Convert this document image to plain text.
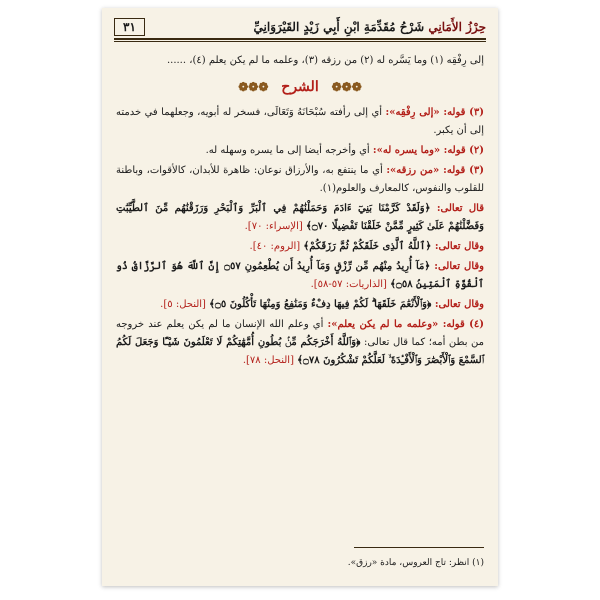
حِرْزُ الأَمَانِي شَرْحُ مُقَدِّمَةِ ابْنِ أَبِي زَيْدٍ القَيْرَوَانِيِّ
٣١

إلى رِفْقِه (١) وما يَسَّره له (٢) من رزقه (٣)، وعلمه ما لم يكن يعلم (٤)، ......

❁❁❁ الشرح ❁❁❁

(٣) قوله: «إلى رِفْقِه»: أي إلى رأفته سُبْحَانَهُ وَتَعَالَى، فسخر له أبويه، وجعلهما في خدمته إلى أن يكبر.

(٢) قوله: «وما يسره له»: أي وأخرجه أيضا إلى ما يسره وسهله له.

(٣) قوله: «من رزقه»: أي ما ينتفع به، والأرزاق نوعان: ظاهرة للأبدان، كالأقوات، وباطنة للقلوب والنفوس، كالمعارف والعلوم(١).

قال تعالى: ﴿وَلَقَدْ كَرَّمْنَا بَنِيٓ ءَادَمَ وَحَمَلْنَٰهُمْ فِي ٱلْبَرِّ وَٱلْبَحْرِ وَرَزَقْنَٰهُم مِّنَ ٱلطَّيِّبَٰتِ وَفَضَّلْنَٰهُمْ عَلَىٰ كَثِيرٍ مِّمَّنْ خَلَقْنَا تَفْضِيلًا ۝٧٠﴾ [الإسراء: ٧٠].

وقال تعالى: ﴿ٱللَّهُ ٱلَّذِى خَلَقَكُمْ ثُمَّ رَزَقَكُمْ﴾ [الروم: ٤٠].

وقال تعالى: ﴿مَآ أُرِيدُ مِنْهُم مِّن رِّزْقٍ وَمَآ أُرِيدُ أَن يُطْعِمُونِ ۝٥٧ إِنَّ ٱللَّهَ هُوَ ٱلرَّزَّاقُ ذُو ٱلْقُوَّةِ ٱلْمَتِينُ ۝٥٨﴾ [الذاريات: ٥٧-٥٨].

وقال تعالى: ﴿وَٱلْأَنْعَٰمَ خَلَقَهَا ۗ لَكُمْ فِيهَا دِفْءٌ وَمَنَٰفِعُ وَمِنْهَا تَأْكُلُونَ ۝٥﴾ [النحل: ٥].

(٤) قوله: «وعلمه ما لم يكن يعلم»: أي وعلم الله الإنسان ما لم يكن يعلم عند خروجه من بطن أمه؛ كما قال تعالى: ﴿وَٱللَّهُ أَخْرَجَكُم مِّنۢ بُطُونِ أُمَّهَٰتِكُمْ لَا تَعْلَمُونَ شَيْـًٔا وَجَعَلَ لَكُمُ ٱلسَّمْعَ وَٱلْأَبْصَٰرَ وَٱلْأَفْـِٔدَةَ ۙ لَعَلَّكُمْ تَشْكُرُونَ ۝٧٨﴾ [النحل: ٧٨].

(١) انظر: تاج العروس، مادة «رزق».
